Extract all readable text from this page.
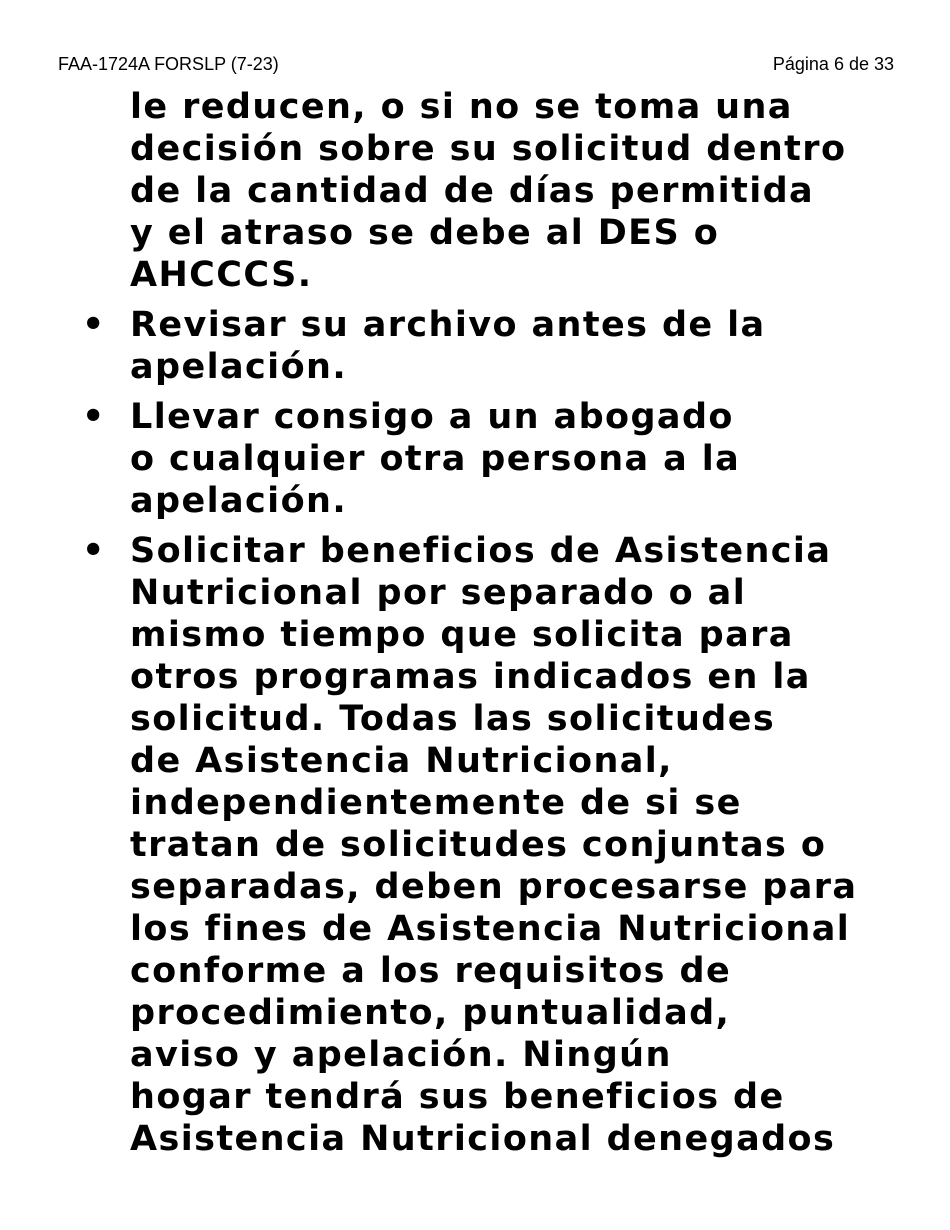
FAA-1724A FORSLP (7-23)	Página 6 de 33
le reducen, o si no se toma una
decisión sobre su solicitud dentro
de la cantidad de días permitida
y el atraso se debe al DES o
AHCCCS.
• Revisar su archivo antes de la
apelación.
• Llevar consigo a un abogado
o cualquier otra persona a la
apelación.
• Solicitar beneficios de Asistencia
Nutricional por separado o al
mismo tiempo que solicita para
otros programas indicados en la
solicitud. Todas las solicitudes
de Asistencia Nutricional,
independientemente de si se
tratan de solicitudes conjuntas o
separadas, deben procesarse para
los fines de Asistencia Nutricional
conforme a los requisitos de
procedimiento, puntualidad,
aviso y apelación. Ningún
hogar tendrá sus beneficios de
Asistencia Nutricional denegados
